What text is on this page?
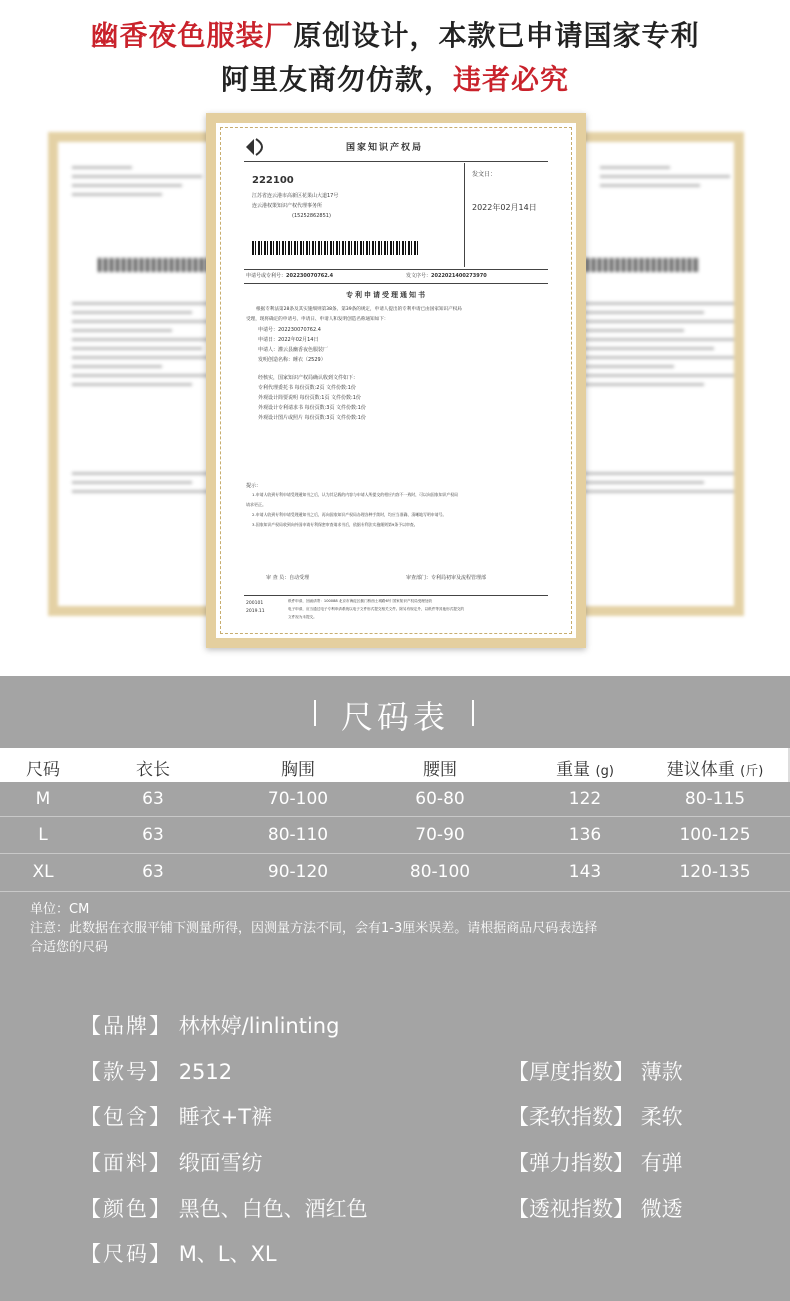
幽香夜色服装厂原创设计，本款已申请国家专利
阿里友商勿仿款，违者必究
国家知识产权局
222100
江苏省连云港市高新区花果山大道17号
连云港权策知识产权代理事务所
(15252862851)
发文日：
2022年02月14日
申请号或专利号：202230070762.4	发文序号：2022021400273970
专利申请受理通知书
根据专利法第28条及其实施细则第38条、第39条的规定，申请人提出的专利申请已由国家知识产权局
受理，现将确定的申请号、申请日、申请人和发明创造名称通知如下：
申请号：202230070762.4
申请日：2022年02月14日
申请人：灌云县幽香夜色服装厂
发明创造名称：睡衣（2529）
经核实，国家知识产权局确认收到文件如下：
专利代理委托书 每份页数:2页 文件份数:1份
外观设计简要说明 每份页数:1页 文件份数:1份
外观设计专利请求书 每份页数:3页 文件份数:1份
外观设计图片或照片 每份页数:3页 文件份数:1份
提示：
1.申请人收到专利申请受理通知书之后，认为其记载的内容与申请人所提交的相应内容不一致时，可以向国家知识产权局
请求更正。
2.申请人收到专利申请受理通知书之后，再向国家知识产权局办理各种手续时，均应当准确、清晰地写明申请号。
3.国家知识产权局收到向外国申请专利保密审查请求书后，依据专利法实施细则第9条予以审查。
审 查 员：自动受理	审查部门：专利局初审及流程管理部
200101
2019.11
纸件申请，回函请寄：100088 北京市海淀区蓟门桥西土城路6号 国家知识产权局受理处收
电子申请，应当通过电子专利申请系统以电子文件形式提交相关文件。除另有规定外，以纸件等其他形式提交的
文件视为未提交。
尺码表
尺码	衣长	胸围	腰围	重量 (g)	建议体重 (斤)
M	63	70-100	60-80	122	80-115
L	63	80-110	70-90	136	100-125
XL	63	90-120	80-100	143	120-135
单位：CM
注意：此数据在衣服平铺下测量所得，因测量方法不同，会有1-3厘米误差。请根据商品尺码表选择
合适您的尺码
【品牌】 林林婷/linlinting
【款号】 2512
【包含】 睡衣+T裤
【面料】 缎面雪纺
【颜色】 黑色、白色、酒红色
【尺码】 M、L、XL
【厚度指数】 薄款
【柔软指数】 柔软
【弹力指数】 有弹
【透视指数】 微透
